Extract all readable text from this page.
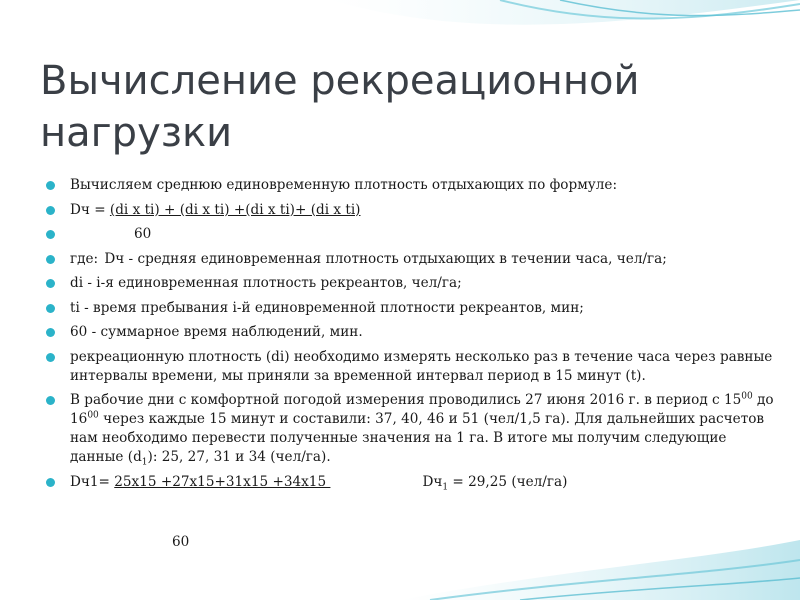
Вычисление рекреационной нагрузки
Вычисляем среднюю единовременную плотность отдыхающих по формуле:
Dч = (di x ti) + (di x ti) +(di x ti)+ (di x ti)
60
где: Dч - средняя единовременная плотность отдыхающих в течении часа, чел/га;
di - i-я единовременная плотность рекреантов, чел/га;
ti - время пребывания i-й единовременной плотности рекреантов, мин;
60 - суммарное время наблюдений, мин.
рекреационную плотность (di) необходимо измерять несколько раз в течение часа через равные интервалы времени, мы приняли за временной интервал период в 15 минут (t).
В рабочие дни с комфортной погодой измерения проводились 27 июня 2016 г. в период с $15^{00}$ до $16^{00}$ через каждые 15 минут и составили: 37, 40, 46 и 51 (чел/1,5 га). Для дальнейших расчетов нам необходимо перевести полученные значения на 1 га. В итоге мы получим следующие данные $(d_1)$: 25, 27, 31 и 34 (чел/га).
Dч1= 25x15 +27x15+31x15 +34x15	$Dч_1 = 29,25$ (чел/га)
60
